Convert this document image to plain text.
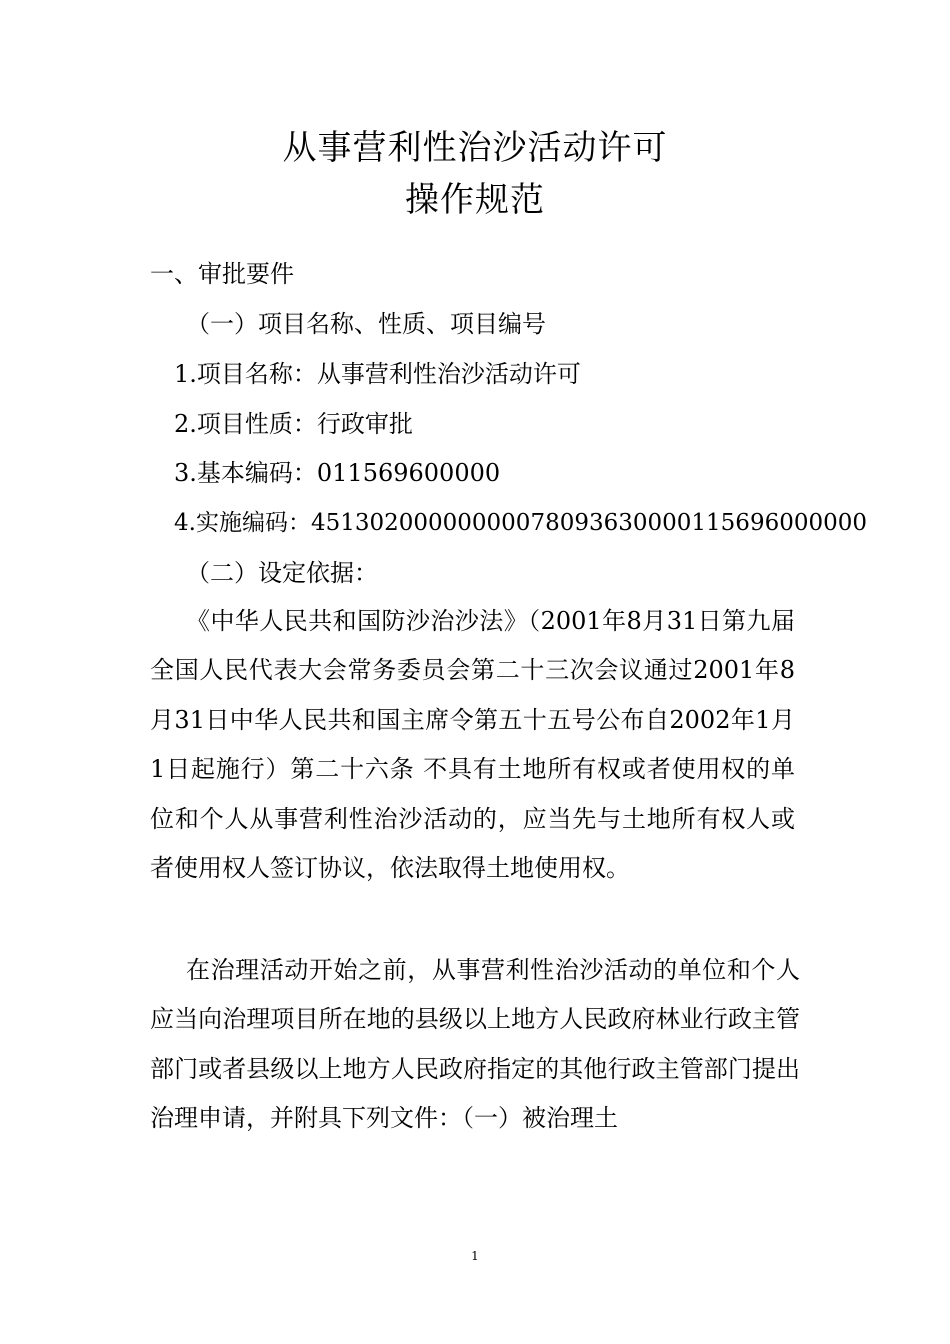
从事营利性治沙活动许可
操作规范
一、审批要件
（一）项目名称、性质、项目编号
1.项目名称：从事营利性治沙活动许可
2.项目性质：行政审批
3.基本编码：011569600000
4.实施编码：45130200000000078093630000115696000000
（二）设定依据：
《中华人民共和国防沙治沙法》（2001年8月31日第九届全国人民代表大会常务委员会第二十三次会议通过2001年8月31日中华人民共和国主席令第五十五号公布自2002年1月1日起施行）第二十六条 不具有土地所有权或者使用权的单位和个人从事营利性治沙活动的，应当先与土地所有权人或者使用权人签订协议，依法取得土地使用权。
在治理活动开始之前，从事营利性治沙活动的单位和个人应当向治理项目所在地的县级以上地方人民政府林业行政主管部门或者县级以上地方人民政府指定的其他行政主管部门提出治理申请，并附具下列文件：（一）被治理土
1
